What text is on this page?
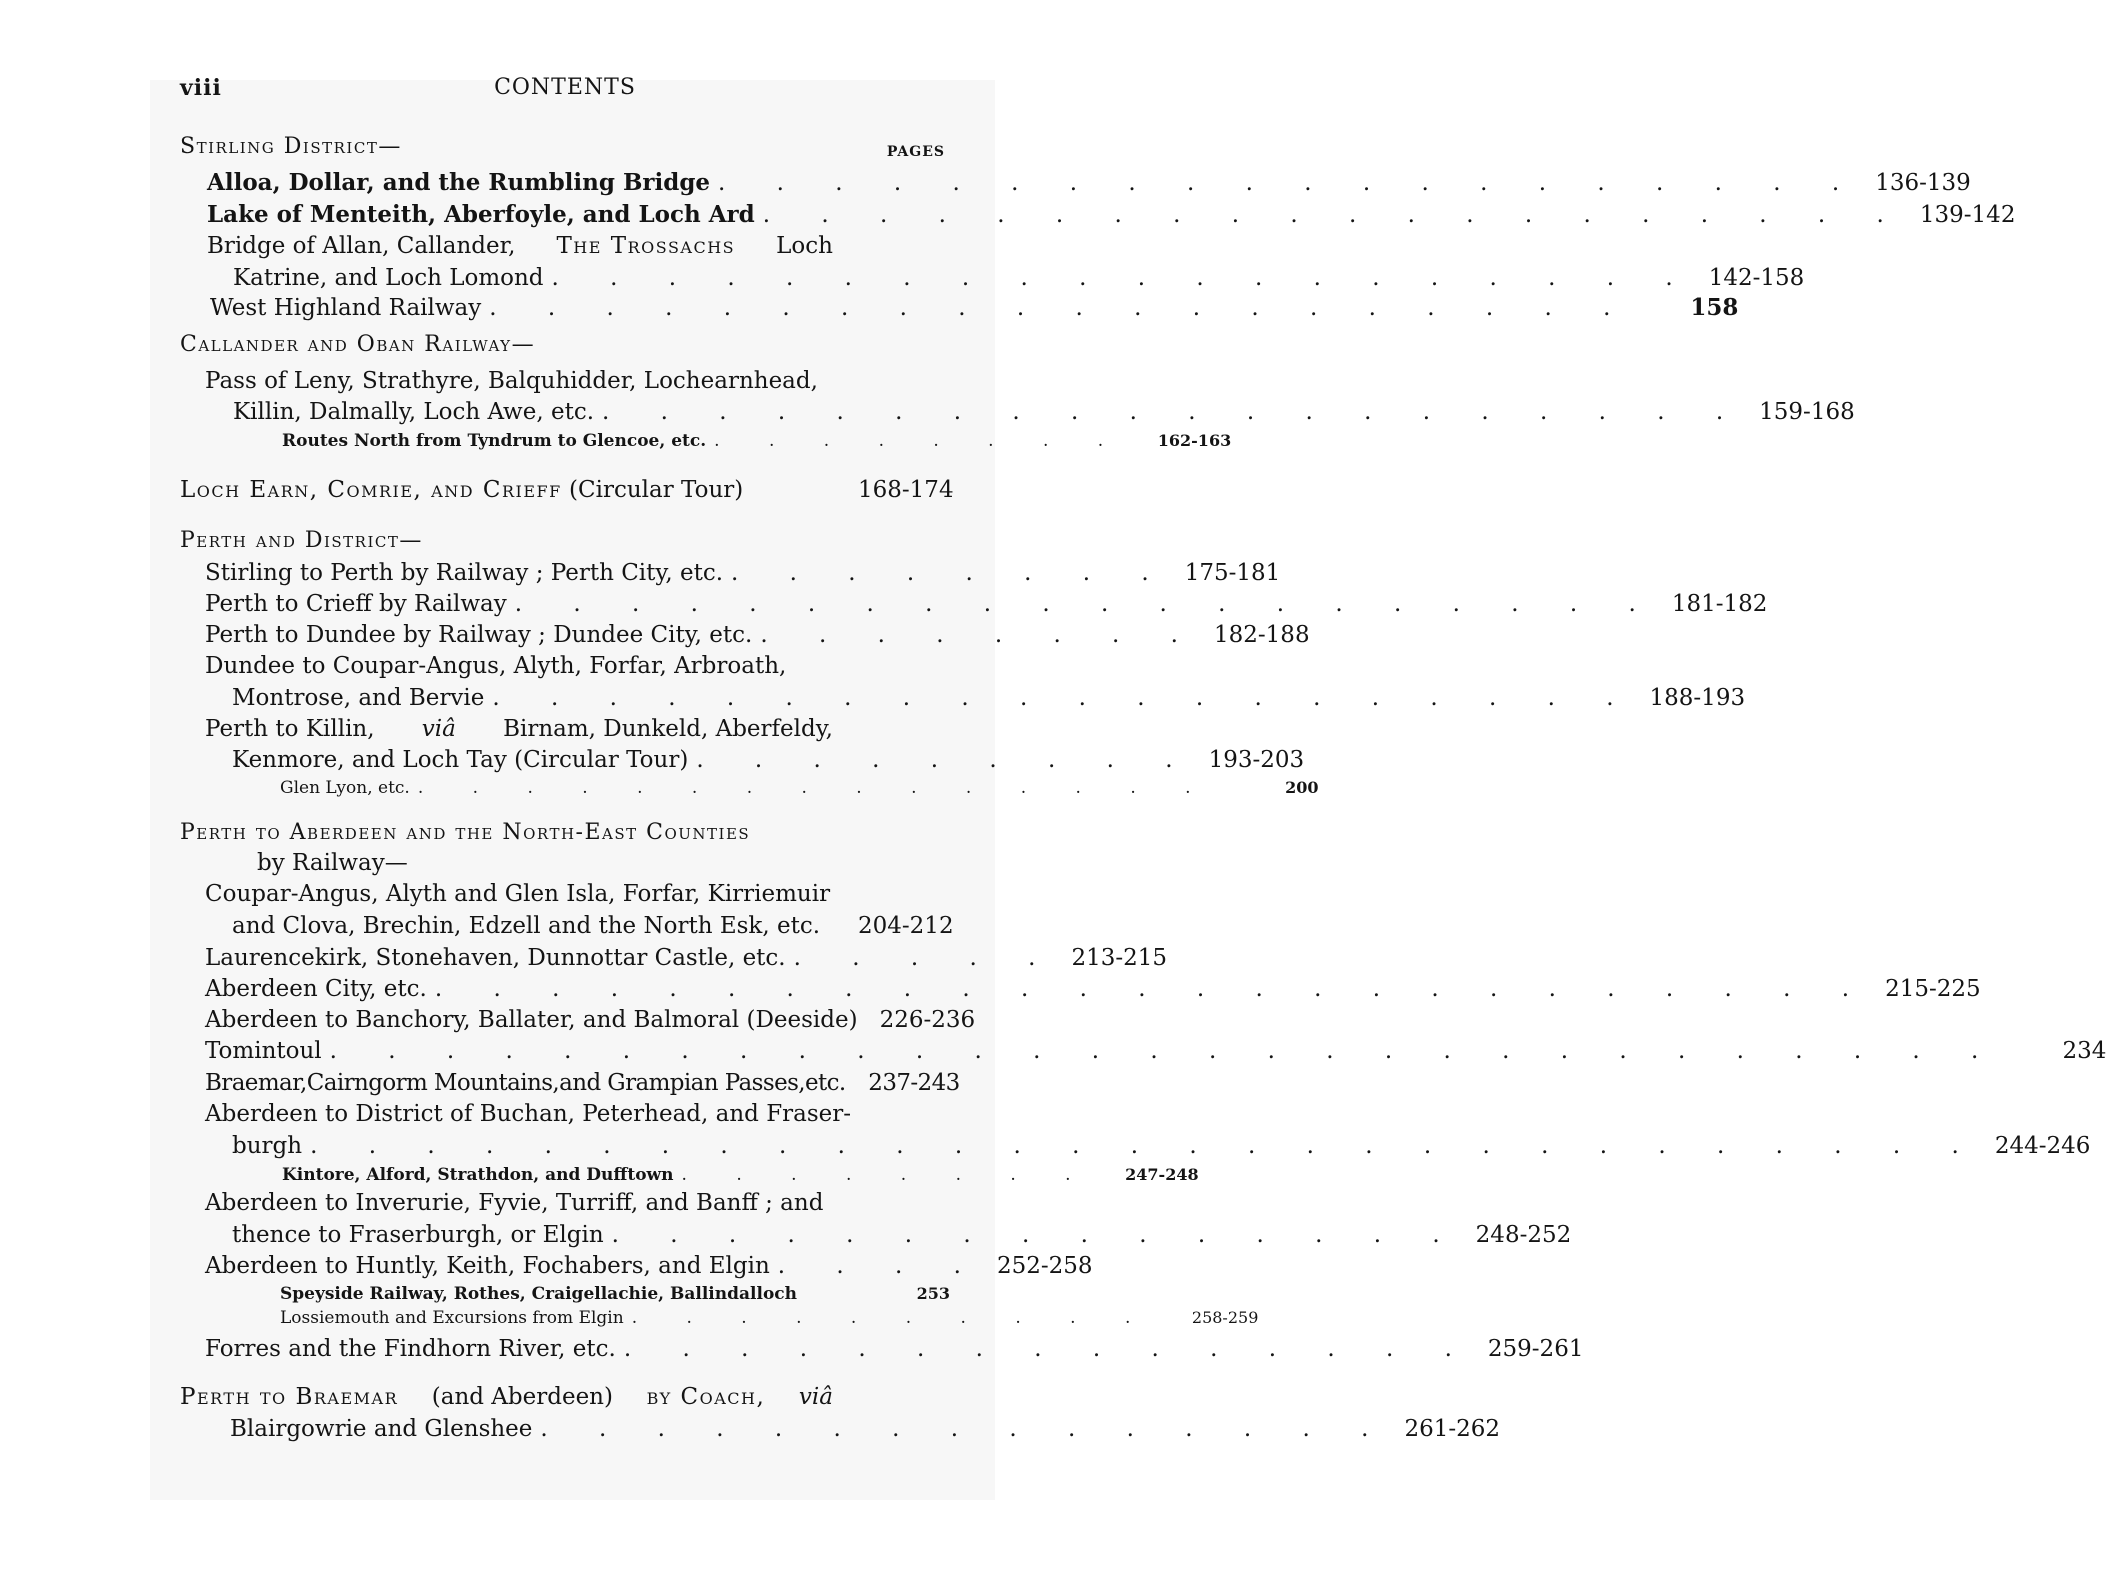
viii	CONTENTS
Stirling District—	PAGES
Alloa, Dollar, and the Rumbling Bridge . . . . . . . . . . . . . . . . . . . . 136-139
Lake of Menteith, Aberfoyle, and Loch Ard . . . . . . . . . . . . . . . . . . . . 139-142
Bridge of Allan, Callander, The Trossachs Loch
Katrine, and Loch Lomond . . . . . . . . . . . . . . . . . . . . 142-158
West Highland Railway . . . . . . . . . . . . . . . . . . . .	158
Callander and Oban Railway—
Pass of Leny, Strathyre, Balquhidder, Lochearnhead,
Killin, Dalmally, Loch Awe, etc. . . . . . . . . . . . . . . . . . . . . 159-168
Routes North from Tyndrum to Glencoe, etc. . . . . . . . .	162-163
Loch Earn, Comrie, and Crieff (Circular Tour)	168-174
Perth and District—
Stirling to Perth by Railway ; Perth City, etc. . . . . . . . . 175-181
Perth to Crieff by Railway . . . . . . . . . . . . . . . . . . . . 181-182
Perth to Dundee by Railway ; Dundee City, etc. . . . . . . . . 182-188
Dundee to Coupar-Angus, Alyth, Forfar, Arbroath,
Montrose, and Bervie . . . . . . . . . . . . . . . . . . . . 188-193
Perth to Killin, viâ Birnam, Dunkeld, Aberfeldy,
Kenmore, and Loch Tay (Circular Tour) . . . . . . . . . 193-203
Glen Lyon, etc. . . . . . . . . . . . . . . .	200
Perth to Aberdeen and the North-East Counties
by Railway—
Coupar-Angus, Alyth and Glen Isla, Forfar, Kirriemuir
and Clova, Brechin, Edzell and the North Esk, etc. 204-212
Laurencekirk, Stonehaven, Dunnottar Castle, etc. . . . . . 213-215
Aberdeen City, etc. . . . . . . . . . . . . . . . . . . . . . . . . . 215-225
Aberdeen to Banchory, Ballater, and Balmoral (Deeside) 226-236
Tomintoul . . . . . . . . . . . . . . . . . . . . . . . . . . . . .	234
Braemar,Cairngorm Mountains,and Grampian Passes,etc. 237-243
Aberdeen to District of Buchan, Peterhead, and Fraser-
burgh . . . . . . . . . . . . . . . . . . . . . . . . . . . . . 244-246
Kintore, Alford, Strathdon, and Dufftown . . . . . . . .	247-248
Aberdeen to Inverurie, Fyvie, Turriff, and Banff ; and
thence to Fraserburgh, or Elgin . . . . . . . . . . . . . . . 248-252
Aberdeen to Huntly, Keith, Fochabers, and Elgin . . . . 252-258
Speyside Railway, Rothes, Craigellachie, Ballindalloch	253
Lossiemouth and Excursions from Elgin . . . . . . . . . .	258-259
Forres and the Findhorn River, etc. . . . . . . . . . . . . . . . 259-261
Perth to Braemar (and Aberdeen) by Coach, viâ
Blairgowrie and Glenshee . . . . . . . . . . . . . . . 261-262
